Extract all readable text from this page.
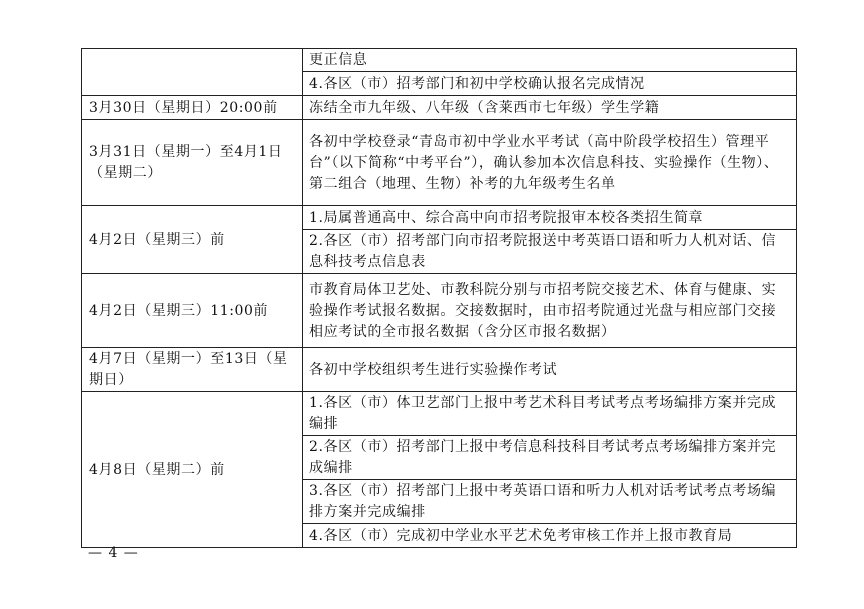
	更正信息
	4.各区（市）招考部门和初中学校确认报名完成情况
3月30日（星期日）20:00前	冻结全市九年级、八年级（含莱西市七年级）学生学籍
3月31日（星期一）至4月1日（星期二）	各初中学校登录“青岛市初中学业水平考试（高中阶段学校招生）管理平台”（以下简称“中考平台”），确认参加本次信息科技、实验操作（生物）、第二组合（地理、生物）补考的九年级考生名单
4月2日（星期三）前	1.局属普通高中、综合高中向市招考院报审本校各类招生简章
	2.各区（市）招考部门向市招考院报送中考英语口语和听力人机对话、信息科技考点信息表
4月2日（星期三）11:00前	市教育局体卫艺处、市教科院分别与市招考院交接艺术、体育与健康、实验操作考试报名数据。交接数据时，由市招考院通过光盘与相应部门交接相应考试的全市报名数据（含分区市报名数据）
4月7日（星期一）至13日（星期日）	各初中学校组织考生进行实验操作考试
4月8日（星期二）前	1.各区（市）体卫艺部门上报中考艺术科目考试考点考场编排方案并完成编排
	2.各区（市）招考部门上报中考信息科技科目考试考点考场编排方案并完成编排
	3.各区（市）招考部门上报中考英语口语和听力人机对话考试考点考场编排方案并完成编排
	4.各区（市）完成初中学业水平艺术免考审核工作并上报市教育局
— 4 —
